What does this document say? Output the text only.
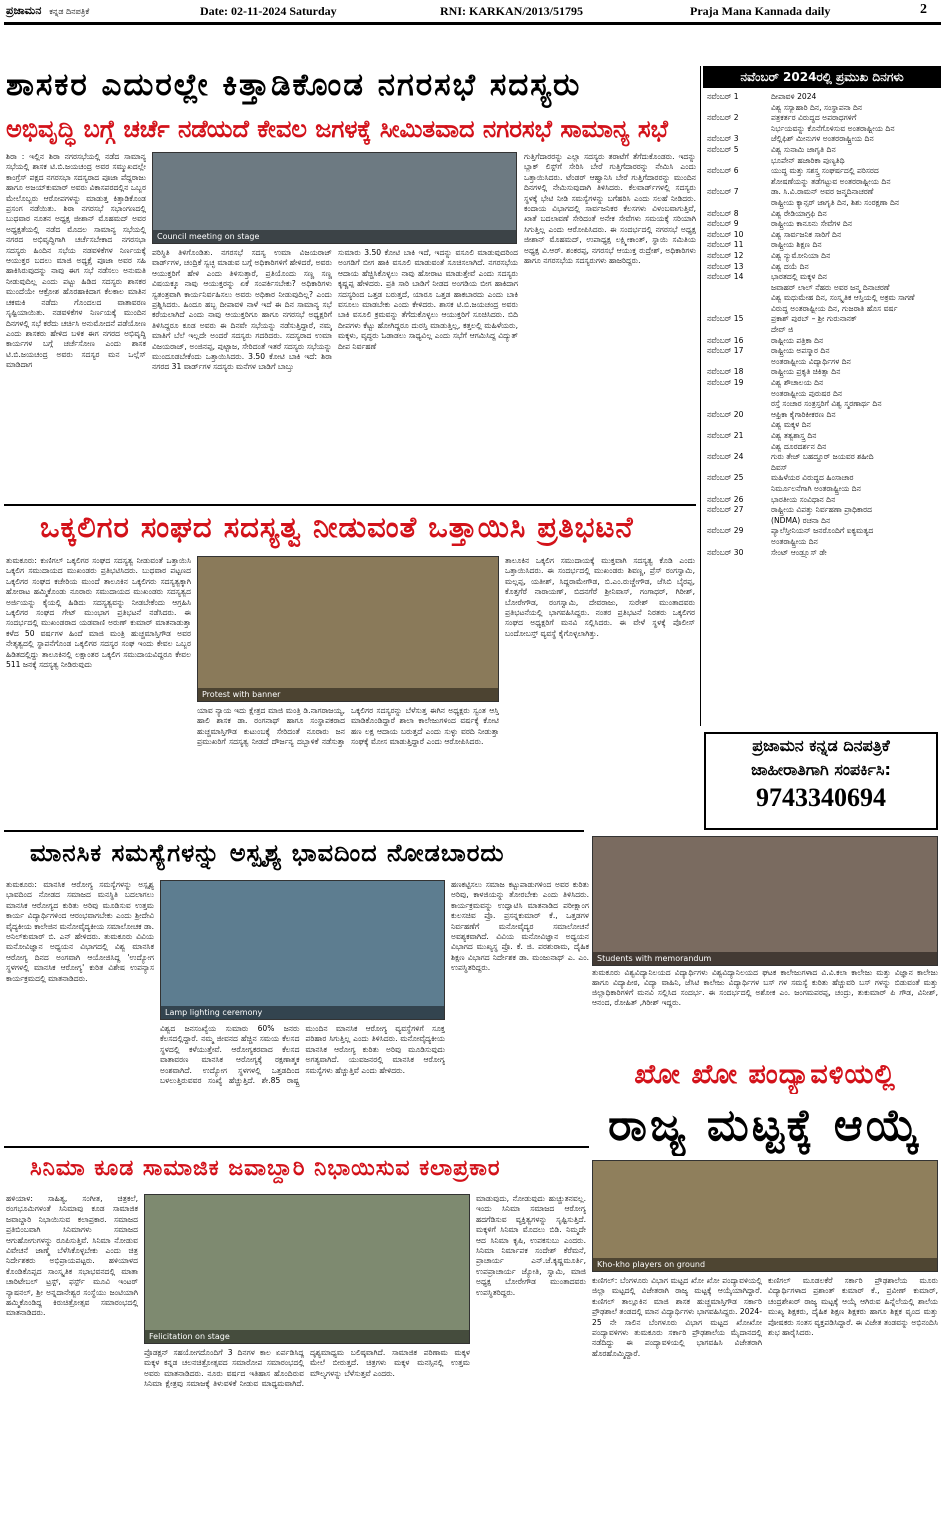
ಪ್ರಜಾಮನ ಕನ್ನಡ ದಿನಪತ್ರಿಕೆ	Date: 02-11-2024 Saturday	RNI: KARKAN/2013/51795	Praja Mana Kannada daily	2
ಶಾಸಕರ ಎದುರಲ್ಲೇ ಕಿತ್ತಾಡಿಕೊಂಡ ನಗರಸಭೆ ಸದಸ್ಯರು
ಅಭಿವೃದ್ಧಿ ಬಗ್ಗೆ ಚರ್ಚೆ ನಡೆಯದೆ ಕೇವಲ ಜಗಳಕ್ಕೆ ಸೀಮಿತವಾದ ನಗರಸಭೆ ಸಾಮಾನ್ಯ ಸಭೆ
ಶಿರಾ : ಇಲ್ಲಿನ ಶಿರಾ ನಗರಸಭೆಯಲ್ಲಿ ನಡೆದ ಸಾಮಾನ್ಯ ಸಭೆಯಲ್ಲಿ ಶಾಸಕ ಟಿ.ಬಿ.ಜಯಚಂದ್ರ ಅವರ ಸಮ್ಮುಖದಲ್ಲೇ ಕಾಂಗ್ರೆಸ್ ಪಕ್ಷದ ನಗರಸಭಾ ಸದಸ್ಯರಾದ ಪೂಜಾ ಪೆದ್ದರಾಜು ಹಾಗೂ ಅಜಯ್‌ಕುಮಾರ್ ಅವರು ವಿಕಾಸಪರದಲ್ಲಿನ ಒಬ್ಬರ ಮೇಲೊಬ್ಬರು ಆರೋಪಗಳನ್ನು ಮಾಡುತ್ತ ಕಿತ್ತಾಡಿಕೊಂಡ ಪ್ರಸಂಗ ನಡೆಯಿತು. ಶಿರಾ ನಗರಸಭೆ ಸಭಾಂಗಣದಲ್ಲಿ ಬುಧವಾರ ನೂತನ ಅಧ್ಯಕ್ಷ ಜೀಶಾನ್ ಮೊಹಮದ್ ಅವರ ಅಧ್ಯಕ್ಷತೆಯಲ್ಲಿ ನಡೆದ ಮೊದಲ ಸಾಮಾನ್ಯ ಸಭೆಯಲ್ಲಿ ನಗರದ ಅಭಿವೃದ್ಧಿಗಾಗಿ ಚರ್ಚೆಸಬೇಕಾದ ನಗರಸಭಾ ಸದಸ್ಯರು ಹಿಂದಿನ ಸಭೆಯ ನಡವಳಿಕೆಗಳ ನಿರ್ಣಯಕ್ಕೆ ಆಯುಕ್ತರ ಬದಲು ಮಾಜಿ ಅಧ್ಯಕ್ಷೆ ಪೂಜಾ ಅವರ ಸಹಿ ಹಾಕಿಸಿರುವುದನ್ನು ನಾವು ಈಗ ಸಭೆ ನಡೆಸಲು ಅನುಮತಿ ನೀಡುವುದಿಲ್ಲ ಎಂದು ಪಟ್ಟು ಹಿಡಿದ ಸದಸ್ಯರು ಶಾಸಕರ ಮುಂದೆಯೇ ಆಕ್ರೋಶ ಹೊರಹಾಕಿದಾಗ ಕೆಲಕಾಲ ಮಾತಿನ ಚಕಮಕಿ ನಡೆದು ಗೊಂದಲದ ವಾತಾವರಣ ಸೃಷ್ಟಿಯಾಯಿತು. ನಡವಳಿಕೆಗಳ ನಿರ್ಣಯಕ್ಕೆ ಮುಂದಿನ ದಿನಗಳಲ್ಲಿ ಸಭೆ ಕರೆದು ಚರ್ಚಿಸಿ ಅನುಮೋದನೆ ಪಡೆಯೋಣ ಎಂದು ಶಾಸಕರು ಹೇಳಿದ ಬಳಿಕ ಈಗ ನಗರದ ಅಭಿವೃದ್ಧಿ ಕಾರ್ಯಗಳ ಬಗ್ಗೆ ಚರ್ಚೆಸೋಣ ಎಂದು ಶಾಸಕ ಟಿ.ಬಿ.ಜಯಚಂದ್ರ ಅವರು ಸದಸ್ಯರ ಮನ ಒಲ್ಲೆಸ್ ಮಾಡಿದಾಗ
Council meeting on stage
ಪರಿಸ್ಥಿತಿ ತಿಳಿಗೊಂಡಿತು. ನಗರಸಭೆ ಸದಸ್ಯ ಉಮಾ ವಿಜಯರಾಜ್ ವಾರ್ಡ್‌ಗಳ, ಚಂದ್ರಿಕೆ ಸ್ವಚ್ಛ ಮಾಡುವ ಬಗ್ಗೆ ಅಧಿಕಾರಿಗಳಿಗೆ ಹೇಳಿದರೆ, ಅವರು ಆಯುಕ್ತರಿಗೆ ಹೇಳಿ ಎಂದು ತಿಳಿಸುತ್ತಾರೆ, ಪ್ರತಿಯೊಂದು ಸಣ್ಣ ಸಣ್ಣ ವಿಷಯಕ್ಕೂ ನಾವು ಆಯುಕ್ತರನ್ನು ಏಕೆ ಸಂಪರ್ಕಿಸಬೇಕು? ಅಧಿಕಾರಿಗಳು ಸ್ವತಂತ್ರವಾಗಿ ಕಾರ್ಯನಿರ್ವಹಿಸಲು ಅವರು ಅಧಿಕಾರ ನೀಡುವುದಿಲ್ಲ? ಎಂದು ಪ್ರಶ್ನಿಸಿದರು. ಹಿಂದೂ ಹಬ್ಬ ದೀಪಾವಳಿ ನಾಳೆ ಇದೆ ಈ ದಿನ ಸಾಮಾನ್ಯ ಸಭೆ ಕರೆಯಲಾಗಿದೆ ಎಂದು ನಾವು ಆಯುಕ್ತರಿಗೂ ಹಾಗೂ ನಗರಸಭೆ ಅಧ್ಯಕ್ಷರಿಗೆ ತಿಳಿಸಿದ್ದರೂ ಕೂಡ ಅವರು ಈ ದಿನವೇ ಸಭೆಯನ್ನು ನಡೆಸುತ್ತಿದ್ದಾರೆ, ನಮ್ಮ ಮಾತಿಗೆ ಬೆಲೆ ಇಲ್ಲದೇ ಅಂದರೆ ಸದಸ್ಯರು ಗದರಿದರು. ಸದಸ್ಯರಾದ ಉಮಾ ವಿಜಯರಾಜ್, ಅಂಜಿನಪ್ಪ, ಪುಟ್ಟಾಜ, ಸೇರಿದಂತೆ ಇತರೆ ಸದಸ್ಯರು ಸಭೆಯನ್ನು ಮುಂದೂಡಬೇಕೆಂದು ಒತ್ತಾಯಿಸಿದರು. 3.50 ಕೋಟಿ ಬಾಕಿ ಇದೆ: ಶಿರಾ ನಗರದ 31 ವಾರ್ಡ್‌ಗಳ ಸದಸ್ಯರು ಮನೆಗಳ ಬಾಡಿಗೆ ಬಾಬ್ತು
ಸುಮಾರು 3.50 ಕೋಟಿ ಬಾಕಿ ಇದೆ, ಇದನ್ನು ವಸೂಲಿ ಮಾಡುವುದರಿಂದ ಅಂಗಡಿಗೆ ಬೀಗ ಹಾಕಿ ವಸೂಲಿ ಮಾಡುವಂತೆ ಸೂಚಿಸಲಾಗಿದೆ. ನಗರಸಭೆಯ ಆದಾಯ ಹೆಚ್ಚಿಸಿಕೊಳ್ಳಲು ನಾವು ಹೋರಾಟ ಮಾಡುತ್ತೇವೆ ಎಂದು ಸದಸ್ಯರು ಕೃಷ್ಣಪ್ಪ ಹೇಳಿದರು. ಪ್ರತಿ ಸಾರಿ ಬಾಡಿಗೆ ನೀಡದ ಅಂಗಡಿಯ ಬೀಗ ಹಾಕಿದಾಗ ಸದಸ್ಯರಿಂದ ಒತ್ತಡ ಬರುತ್ತದೆ, ಯಾರೂ ಒತ್ತಡ ಹಾಕಬಾರದು ಎಂದು ಬಾಕಿ ವಸೂಲು ಮಾಡಬೇಕು ಎಂದು ಕೇಳಿದರು. ಶಾಸಕ ಟಿ.ಬಿ.ಜಯಚಂದ್ರ ಅವರು ಬಾಕಿ ವಸೂಲಿ ಕ್ರಮವನ್ನು ತೆಗೆದುಕೊಳ್ಳಲು ಆಯುಕ್ತರಿಗೆ ಸೂಚಿಸಿದರು. ಬಿದಿ ದೀಪಗಳು ಕೆಟ್ಟು ಹೋಗಿದ್ದರೂ ದುರಸ್ತಿ ಮಾಡುತ್ತಿಲ್ಲ, ಕತ್ತಲಲ್ಲಿ ಮಹಿಳೆಯರು, ಮಕ್ಕಳು, ವೃದ್ಧರು ಓಡಾಡಲು ಸಾಧ್ಯವಿಲ್ಲ ಎಂದು ಸಭೆಗೆ ಆಗಮಿಸಿದ್ದ ವಿದ್ಯುತ್ ದೀಪ ನಿರ್ವಹಣೆ
ಗುತ್ತಿಗೆದಾರರನ್ನು ಎಲ್ಲಾ ಸದಸ್ಯರು ತರಾಟೆಗೆ ತೆಗೆದುಕೊಂಡರು. ಇದನ್ನು ಬ್ಲಾಕ್ ಲಿಸ್ಟ್‌ಗೆ ಸೇರಿಸಿ ಬೇರೆ ಗುತ್ತಿಗೆದಾರರನ್ನು ನೇಮಿಸಿ ಎಂದು ಒತ್ತಾಯಿಸಿದರು. ಟೆಂಡರ್ ಆಹ್ವಾನಿಸಿ ಬೇರೆ ಗುತ್ತಿಗೆದಾರರನ್ನು ಮುಂದಿನ ದಿನಗಳಲ್ಲಿ ನೇಮಿಸುವುದಾಗಿ ತಿಳಿಸಿದರು. ಕೆಲವಾರ್ಡ್‌ಗಳಲ್ಲಿ ಸದಸ್ಯರು ಸ್ಥಳಕ್ಕೆ ಭೇಟಿ ನೀಡಿ ಸಮಸ್ಯೆಗಳನ್ನು ಬಗೆಹರಿಸಿ ಎಂದು ಸಲಹೆ ನೀಡಿದರು. ಕಂದಾಯ ವಿಭಾಗದಲ್ಲಿ ಸಾರ್ವಜನಿಕರ ಕೆಲಸಗಳು ವಿಳಂಬವಾಗುತ್ತಿವೆ, ಖಾತೆ ಬದಲಾವಣೆ ಸೇರಿದಂತೆ ಅನೇಕ ಸೇವೆಗಳು ಸಮಯಕ್ಕೆ ಸರಿಯಾಗಿ ಸಿಗುತ್ತಿಲ್ಲ ಎಂದು ಆರೋಪಿಸಿದರು. ಈ ಸಂದರ್ಭದಲ್ಲಿ ನಗರಸಭೆ ಅಧ್ಯಕ್ಷ ಜೀಶಾನ್ ಮೊಹಮದ್, ಉಪಾಧ್ಯಕ್ಷ ಲಕ್ಷ್ಮೀಕಾಂತ್, ಸ್ಥಾಯಿ ಸಮಿತಿಯ ಅಧ್ಯಕ್ಷ ವಿ.ಆರ್. ಶಂಕರಪ್ಪ, ನಗರಸಭೆ ಆಯುಕ್ತ ರುದ್ರೇಶ್, ಅಧಿಕಾರಿಗಳು ಹಾಗೂ ನಗರಸಭೆಯ ಸದಸ್ಯರುಗಳು ಹಾಜರಿದ್ದರು.
ಒಕ್ಕಲಿಗರ ಸಂಘದ ಸದಸ್ಯತ್ವ ನೀಡುವಂತೆ ಒತ್ತಾಯಿಸಿ ಪ್ರತಿಭಟನೆ
ತುಮಕೂರು: ಕುಣಿಗಲ್ ಒಕ್ಕಲಿಗರ ಸಂಘದ ಸದಸ್ಯತ್ವ ನೀಡುವಂತೆ ಒತ್ತಾಯಿಸಿ ಒಕ್ಕಲಿಗ ಸಮುದಾಯದ ಮುಖಂಡರು ಪ್ರತಿಭಟಿಸಿದರು. ಬುಧವಾರ ಪಟ್ಟಣದ ಒಕ್ಕಲಿಗರ ಸಂಘದ ಕಚೇರಿಯ ಮುಂದೆ ತಾಲೂಕಿನ ಒಕ್ಕಲಿಗರು ಸದಸ್ಯತ್ವಕ್ಕಾಗಿ ಹೋರಾಟ ಹಮ್ಮಿಕೊಂಡು ನೂರಾರು ಸಮುದಾಯದ ಮುಖಂಡರು ಸದಸ್ಯತ್ವದ ಅರ್ಜಿಯನ್ನು ಕೈಯಲ್ಲಿ ಹಿಡಿದು ಸದಸ್ಯತ್ವವನ್ನು ನೀಡಬೇಕೆಂದು ಆಗ್ರಹಿಸಿ ಒಕ್ಕಲಿಗರ ಸಂಘದ ಗೇಟ್ ಮುಂಭಾಗ ಪ್ರತಿಭಟನೆ ನಡೆಸಿದರು. ಈ ಸಂದರ್ಭದಲ್ಲಿ ಮುಖಂಡರಾದ ಯಡವಾಣಿ ಅರುಣ್ ಕುಮಾರ್ ಮಾತನಾಡುತ್ತಾ ಕಳೆದ 50 ವರ್ಷಗಳ ಹಿಂದೆ ಮಾಜಿ ಮಂತ್ರಿ ಹುಚ್ಚಮಾಸ್ತಿಗೌಡ ಅವರ ನೇತೃತ್ವದಲ್ಲಿ ಸ್ಥಾಪನೆಗೊಂಡ ಒಕ್ಕಲಿಗರ ಸದಸ್ಯರ ಸಂಘ ಇಂದು ಕೇವಲ ಒಬ್ಬರ ಹಿಡಿತದಲ್ಲಿದ್ದು ತಾಲೂಕಿನಲ್ಲಿ ಲಕ್ಷಾಂತರ ಒಕ್ಕಲಿಗ ಸಮುದಾಯವಿದ್ದರೂ ಕೇವಲ 511 ಜನಕ್ಕೆ ಸದಸ್ಯತ್ವ ನೀಡಿರುವುದು
Protest with banner
ಯಾವ ನ್ಯಾಯ ಇದು ಕ್ಷೇತ್ರದ ಮಾಜಿ ಮಂತ್ರಿ ಡಿ.ನಾಗರಾಜಯ್ಯ, ಹಾಲಿ ಶಾಸಕ ಡಾ. ರಂಗನಾಥ್ ಹಾಗೂ ಸಂಸ್ಥಾಪಕರಾದ ಹುಚ್ಚಮಾಸ್ತಿಗೌಡ ಕುಟುಂಬಕ್ಕೆ ಸೇರಿದಂತೆ ನೂರಾರು ಜನ ಪ್ರಮುಖರಿಗೆ ಸದಸ್ಯತ್ವ ನೀಡದೆ ದೌರ್ಜನ್ಯ ದಬ್ಬಾಳಿಕೆ ನಡೆಸುತ್ತಾ ಒಕ್ಕಲಿಗರ ಸದಸ್ಯರನ್ನು ಬೆಳೆಸುತ್ತ ಈಗಿನ ಅಧ್ಯಕ್ಷರು ಸ್ವಂತ ಆಸ್ತಿ ಮಾಡಿಕೊಂಡಿದ್ದಾರೆ ಶಾಲಾ ಕಾಲೇಜುಗಳಿಂದ ವರ್ಷಕ್ಕೆ ಕೋಟಿ ಹಣ ಲಕ್ಷ ಆದಾಯ ಬರುತ್ತದೆ ಎಂದು ಸುಳ್ಳು ವರದಿ ನೀಡುತ್ತಾ ಸಂಘಕ್ಕೆ ಮೋಸ ಮಾಡುತ್ತಿದ್ದಾರೆ ಎಂದು ಆರೋಪಿಸಿದರು.
ತಾಲೂಕಿನ ಒಕ್ಕಲಿಗ ಸಮುದಾಯಕ್ಕೆ ಮುಕ್ತವಾಗಿ ಸದಸ್ಯತ್ವ ಕೊಡಿ ಎಂದು ಒತ್ತಾಯಿಸಿದರು. ಈ ಸಂದರ್ಭದಲ್ಲಿ ಮುಖಂಡರು ಶಿವಣ್ಣ, ಪ್ರೆಸ್ ರಂಗಸ್ವಾಮಿ, ಮಲ್ಲಪ್ಪ, ಯತೀಶ್, ಸಿದ್ದರಾಮೇಗೌಡ, ಬಿ.ಎಂ.ರುಚ್ಚೇಗೌಡ, ಜೆಸಿಬಿ ಬೈರಪ್ಪ, ಕೊತ್ತಗೆರೆ ನಾರಾಯಣ್, ಬಿದನಗೆರೆ ಶ್ರೀನಿವಾಸ್, ಗಂಗಾಧರ್, ಗಿರೀಶ್, ಬೋರೇಗೌಡ, ರಂಗಸ್ವಾಮಿ, ದೇವರಾಜು, ಸುರೇಶ್ ಮುಂತಾದವರು ಪ್ರತಿಭಟನೆಯಲ್ಲಿ ಭಾಗವಹಿಸಿದ್ದರು. ನಂತರ ಪ್ರತಿಭಟನೆ ನಿರತರು ಒಕ್ಕಲಿಗರ ಸಂಘದ ಅಧ್ಯಕ್ಷರಿಗೆ ಮನವಿ ಸಲ್ಲಿಸಿದರು. ಈ ವೇಳೆ ಸ್ಥಳಕ್ಕೆ ಪೊಲೀಸ್ ಬಂದೋಬಸ್ತ್ ವ್ಯವಸ್ಥೆ ಕೈಗೊಳ್ಳಲಾಗಿತ್ತು.
ನವೆಂಬರ್ 2024ರಲ್ಲಿ ಪ್ರಮುಖ ದಿನಗಳು
ನವೆಂಬರ್ 1	ದೀಪಾವಳಿ 2024
ವಿಶ್ವ ಸಸ್ಯಾಹಾರಿ ದಿನ, ಸಂಸ್ಥಾಪನಾ ದಿನ
ನವೆಂಬರ್ 2	ಪತ್ರಕರ್ತರ ವಿರುದ್ಧದ ಅಪರಾಧಗಳಿಗೆ
ನಿರ್ಭಯವನ್ನು ಕೊನೆಗೊಳಿಸುವ ಅಂತರಾಷ್ಟ್ರೀಯ ದಿನ
ನವೆಂಬರ್ 3	ಜೆಲ್ಲಿಫಿಶ್ ಮೀನುಗಳ ಅಂತರರಾಷ್ಟ್ರೀಯ ದಿನ
ನವೆಂಬರ್ 5	ವಿಶ್ವ ಸುನಾಮಿ ಜಾಗೃತಿ ದಿನ
ಭೂಪೇನ್ ಹಜಾರಿಕಾ ಪುಣ್ಯತಿಥಿ
ನವೆಂಬರ್ 6	ಯುದ್ಧ ಮತ್ತು ಸಶಸ್ತ್ರ ಸಂಘರ್ಷದಲ್ಲಿ ಪರಿಸರದ
ಶೋಷಣೆಯನ್ನು ತಡೆಗಟ್ಟುವ ಅಂತರರಾಷ್ಟ್ರೀಯ ದಿನ
ನವೆಂಬರ್ 7	ಡಾ. ಸಿ.ವಿ.ರಾಮನ್ ಅವರ ಜನ್ಮದಿನಾಚರಣೆ
ರಾಷ್ಟ್ರೀಯ ಕ್ಯಾನ್ಸರ್ ಜಾಗೃತಿ ದಿನ, ಶಿಶು ಸಂರಕ್ಷಣಾ ದಿನ
ನವೆಂಬರ್ 8	ವಿಶ್ವ ರೇಡಿಯಾಗ್ರಫಿ ದಿನ
ನವೆಂಬರ್ 9	ರಾಷ್ಟ್ರೀಯ ಕಾನೂನು ಸೇವೆಗಳ ದಿನ
ನವೆಂಬರ್ 10	ವಿಶ್ವ ಸಾರ್ವಜನಿಕ ಸಾರಿಗೆ ದಿನ
ನವೆಂಬರ್ 11	ರಾಷ್ಟ್ರೀಯ ಶಿಕ್ಷಣ ದಿನ
ನವೆಂಬರ್ 12	ವಿಶ್ವ ನ್ಯುಮೋನಿಯಾ ದಿನ
ನವೆಂಬರ್ 13	ವಿಶ್ವ ದಯೆ ದಿನ
ನವೆಂಬರ್ 14	ಭಾರತದಲ್ಲಿ ಮಕ್ಕಳ ದಿನ
ಜವಾಹರ್ ಲಾಲ್ ನೆಹರು ಅವರ ಜನ್ಮ ದಿನಾಚರಣೆ
ವಿಶ್ವ ಮಧುಮೇಹ ದಿನ, ಸಂಸ್ಕೃತಿಕ ಆಸ್ತಿಯಲ್ಲಿ ಅಕ್ರಮ ಸಾಗಣೆ
ವಿರುದ್ಧ ಅಂತರಾಷ್ಟ್ರೀಯ ದಿನ, ಗುಜರಾತಿ ಹೊಸ ವರ್ಷ
ನವೆಂಬರ್ 15	ಪ್ರಕಾಶ್ ಪುರಬ್ – ಶ್ರೀ ಗುರುನಾನಕ್
ದೇವ್ ಜಿ
ನವೆಂಬರ್ 16	ರಾಷ್ಟ್ರೀಯ ಪತ್ರಿಕಾ ದಿನ
ನವೆಂಬರ್ 17	ರಾಷ್ಟ್ರೀಯ ಅಪಸ್ಮಾರ ದಿನ
ಅಂತರಾಷ್ಟ್ರೀಯ ವಿದ್ಯಾರ್ಥಿಗಳ ದಿನ
ನವೆಂಬರ್ 18	ರಾಷ್ಟ್ರೀಯ ಪ್ರಕೃತಿ ಚಿಕಿತ್ಸಾ ದಿನ
ನವೆಂಬರ್ 19	ವಿಶ್ವ ಶೌಚಾಲಯ ದಿನ
ಅಂತರಾಷ್ಟ್ರೀಯ ಪುರುಷರ ದಿನ
ರಸ್ತೆ ಸಂಚಾರ ಸಂತ್ರಸ್ತರಿಗೆ ವಿಶ್ವ ಸ್ಮರಣಾರ್ಥ ದಿನ
ನವೆಂಬರ್ 20	ಆಫ್ರಿಕಾ ಕೈಗಾರಿಕೀಕರಣ ದಿನ
ವಿಶ್ವ ಮಕ್ಕಳ ದಿನ
ನವೆಂಬರ್ 21	ವಿಶ್ವ ತತ್ವಶಾಸ್ತ್ರ ದಿನ
ವಿಶ್ವ ದೂರದರ್ಶನ ದಿನ
ನವೆಂಬರ್ 24	ಗುರು ತೇಜ್ ಬಹದ್ದೂರ್ ಜಯವರ ಶಹೀದಿ
ದಿವಸ್
ನವೆಂಬರ್ 25	ಮಹಿಳೆಯರ ವಿರುದ್ಧದ ಹಿಂಸಾಚಾರ
ನಿರ್ಮೂಲನೆಗಾಗಿ ಅಂತರಾಷ್ಟ್ರೀಯ ದಿನ
ನವೆಂಬರ್ 26	ಭಾರತೀಯ ಸಂವಿಧಾನ ದಿನ
ನವೆಂಬರ್ 27	ರಾಷ್ಟ್ರೀಯ ವಿಪತ್ತು ನಿರ್ವಹಣಾ ಪ್ರಾಧಿಕಾರದ
(NDMA) ರಚನಾ ದಿನ
ನವೆಂಬರ್ 29	ಪ್ಯಾಲೆಸ್ತೀನಿಯನ್ ಜನರೊಂದಿಗೆ ಐಕ್ಯಮತ್ಯದ
ಅಂತರಾಷ್ಟ್ರೀಯ ದಿನ
ನವೆಂಬರ್ 30	ಸೇಂಟ್ ಆಂಡ್ರ್ಯೂಸ್ ಡೇ
ಪ್ರಜಾಮನ ಕನ್ನಡ ದಿನಪತ್ರಿಕೆ
ಜಾಹೀರಾತಿಗಾಗಿ ಸಂಪರ್ಕಿಸಿ:
9743340694
ಮಾನಸಿಕ ಸಮಸ್ಯೆಗಳನ್ನು ಅಸ್ಪೃಶ್ಯ ಭಾವದಿಂದ ನೋಡಬಾರದು
ತುಮಕೂರು: ಮಾನಸಿಕ ಆರೋಗ್ಯ ಸಮಸ್ಯೆಗಳನ್ನು ಅಸ್ಪೃಶ್ಯ ಭಾವದಿಂದ ನೋಡದ ಸಮಾಜದ ಮನಸ್ಥಿತಿ ಬದಲಾಗಲು ಮಾನಸಿಕ ಆರೋಗ್ಯದ ಕುರಿತು ಅರಿವು ಮೂಡಿಸುವ ಉತ್ತಮ ಕಾರ್ಯ ವಿದ್ಯಾರ್ಥಿಗಳಿಂದ ಆರಂಭವಾಗಬೇಕು ಎಂದು ಶ್ರೀದೇವಿ ವೈದ್ಯಕೀಯ ಕಾಲೇಜಿನ ಮನೋವೈದ್ಯಕೀಯ ಸಮಾಲೋಚಕ ಡಾ. ಅನಿಲ್‌ಕುಮಾರ್ ಬಿ. ಎನ್ ಹೇಳಿದರು. ತುಮಕೂರು ವಿವಿಯ ಮನೋವಿಜ್ಞಾನ ಅಧ್ಯಯನ ವಿಭಾಗದಲ್ಲಿ ವಿಶ್ವ ಮಾನಸಿಕ ಆರೋಗ್ಯ ದಿನದ ಅಂಗವಾಗಿ ಆಯೋಜಿಸಿದ್ದ 'ಉದ್ಯೋಗ ಸ್ಥಳಗಳಲ್ಲಿ ಮಾನಸಿಕ ಆರೋಗ್ಯ' ಕುರಿತ ವಿಶೇಷ ಉಪನ್ಯಾಸ ಕಾರ್ಯಕ್ರಮದಲ್ಲಿ ಮಾತನಾಡಿದರು.
Lamp lighting ceremony
ವಿಶ್ವದ ಜನಸಂಖ್ಯೆಯ ಸುಮಾರು 60% ಜನರು ಕೆಲಸದಲ್ಲಿದ್ದಾರೆ. ನಮ್ಮ ಜೀವನದ ಹೆಚ್ಚಿನ ಸಮಯ ಕೆಲಸದ ಸ್ಥಳದಲ್ಲಿ ಕಳೆಯುತ್ತೇವೆ. ಆರೋಗ್ಯಕರವಾದ ಕೆಲಸದ ವಾತಾವರಣ ಮಾನಸಿಕ ಆರೋಗ್ಯಕ್ಕೆ ರಕ್ಷಣಾತ್ಮಕ ಅಂಶವಾಗಿದೆ. ಉದ್ಯೋಗ ಸ್ಥಳಗಳಲ್ಲಿ ಒತ್ತಡದಿಂದ ಬಳಲುತ್ತಿರುವವರ ಸಂಖ್ಯೆ ಹೆಚ್ಚುತ್ತಿದೆ. ಶೇ.85 ರಾಷ್ಟ್ರ ಮುಂದಿನ ಮಾನಸಿಕ ಆರೋಗ್ಯ ವ್ಯವಸ್ಥೆಗಳಿಗೆ ಸೂಕ್ತ ಪರಿಹಾರ ಸಿಗುತ್ತಿಲ್ಲ ಎಂದು ತಿಳಿಸಿದರು. ಮನೋವೈದ್ಯಕೀಯ ಮಾನಸಿಕ ಆರೋಗ್ಯ ಕುರಿತು ಅರಿವು ಮೂಡಿಸುವುದು ಅಗತ್ಯವಾಗಿದೆ. ಯುವಜನರಲ್ಲಿ ಮಾನಸಿಕ ಆರೋಗ್ಯ ಸಮಸ್ಯೆಗಳು ಹೆಚ್ಚುತ್ತಿವೆ ಎಂದು ಹೇಳಿದರು.
ಹಣಕಟ್ಟಿಸಲು ಸಮಾಜ ಕಟ್ಟುಪಾಡುಗಳಿಂದ ಅವರ ಕುರಿತು ಅರಿವು, ಕಾಳಜಿಯನ್ನು ತೋರಬೇಕು ಎಂದು ತಿಳಿಸಿದರು. ಕಾರ್ಯಕ್ರಮವನ್ನು ಉದ್ಘಾಟಿಸಿ ಮಾತನಾಡಿದ ಪರೀಕ್ಷಾಂಗ ಕುಲಸಚಿವ ಪ್ರೊ. ಪ್ರಸನ್ನಕುಮಾರ್ ಕೆ., ಒತ್ತಡಗಳ ನಿರ್ವಹಣೆಗೆ ಮನೋವೈದ್ಯರ ಸಮಾಲೋಚನೆ ಅವಶ್ಯಕವಾಗಿದೆ. ವಿವಿಯ ಮನೋವಿಜ್ಞಾನ ಅಧ್ಯಯನ ವಿಭಾಗದ ಮುಖ್ಯಸ್ಥ ಪ್ರೊ. ಕೆ. ಜಿ. ಪರಶುರಾಮ, ದೈಹಿಕ ಶಿಕ್ಷಣ ವಿಭಾಗದ ನಿರ್ದೇಶಕ ಡಾ. ಮಂಜುನಾಥ್ ಎ. ಎಂ. ಉಪಸ್ಥಿತರಿದ್ದರು.
Students with memorandum
ತುಮಕೂರು ವಿಶ್ವವಿದ್ಯಾನಿಲಯದ ವಿದ್ಯಾರ್ಥಿಗಳು ವಿಶ್ವವಿದ್ಯಾನಿಲಯದ ಘಟಕ ಕಾಲೇಜುಗಳಾದ ವಿ.ವಿ.ಕಲಾ ಕಾಲೇಜು ಮತ್ತು ವಿಜ್ಞಾನ ಕಾಲೇಜು ಹಾಗೂ ವಿದ್ಯಾಪೀಠ, ವಿದ್ಯಾ ವಾಹಿನಿ, ಜೆಸಿಟಿ ಕಾಲೇಜು ವಿದ್ಯಾರ್ಥಿಗಳ ಬಸ್ ಗಳ ಸಮಸ್ಯೆ ಕುರಿತು ಹೆಚ್ಚುವರಿ ಬಸ್ ಗಳನ್ನು ಬಿಡುವಂತೆ ಮತ್ತು ಜಿಲ್ಲಾಧಿಕಾರಿಗಳಿಗೆ ಮನವಿ ಸಲ್ಲಿಸಿದ ಸಂದರ್ಭ. ಈ ಸಂದರ್ಭದಲ್ಲಿ ಅಶೋಕ ಎಂ. ಜಂಗಮಪರಪ್ಪ, ಚಂದ್ರು, ತುಕುಮಾರ್ ಪಿ ಗೌಡ, ವಿನೀಶ್, ಆನಂದ, ರೋಹಿತ್ ,ಗಿರೀಶ್ ಇದ್ದರು.
ಖೋ ಖೋ ಪಂದ್ಯಾವಳಿಯಲ್ಲಿ
ರಾಜ್ಯ ಮಟ್ಟಕ್ಕೆ ಆಯ್ಕೆ
ಸಿನಿಮಾ ಕೂಡ ಸಾಮಾಜಿಕ ಜವಾಬ್ದಾರಿ ನಿಭಾಯಿಸುವ ಕಲಾಪ್ರಕಾರ
ಹಳಿಯಾಳ: ಸಾಹಿತ್ಯ, ಸಂಗೀತ, ಚಿತ್ರಕಲೆ, ರಂಗಭೂಮಿಗಳಂತೆ ಸಿನಿಮಾವು ಕೂಡ ಸಾಮಾಜಿಕ ಜವಾಬ್ದಾರಿ ನಿಭಾಯಿಸುವ ಕಲಾಪ್ರಕಾರ. ಸಮಾಜದ ಪ್ರತಿಬಿಂಬವಾಗಿ ಸಿನಿಮಾಗಳು ಸಮಾಜದ ಆಗುಹೋಗುಗಳನ್ನು ರೂಪಿಸುತ್ತಿವೆ. ಸಿನಿಮಾ ನೋಡುವ ವಿವೇಚನೆ ಜಾಣ್ಮೆ ಬೆಳೆಸಿಕೊಳ್ಳಬೇಕು ಎಂದು ಚಿತ್ರ ನಿರ್ದೇಶಕರು ಅಭಿಪ್ರಾಯಪಟ್ಟರು. ಹಳಿಯಾಳದ ಕೊಂಡಿಕೊಪ್ಪದ ಸಾಂಸ್ಕೃತಿಕ ಸಭಾಭವನದಲ್ಲಿ ಮಾತಾ ಚಾರಿಟೇಬಲ್ ಟ್ರಸ್ಟ್, ಫರ್ಸ್ಟ್ ಮೂವಿ ಇಂಟರ್ ನ್ಯಾಷನಲ್, ಶ್ರೀ ಅನ್ನದಾನೇಶ್ವರ ಸಂಸ್ಥೆಯು ಜಂಟಿಯಾಗಿ ಹಮ್ಮಿಕೊಂಡಿದ್ದ ಕಿರುಚಿತ್ರೋತ್ಸವ ಸಮಾರಂಭದಲ್ಲಿ ಮಾತನಾಡಿದರು.
Felicitation on stage
ಪ್ರೊಡಕ್ಷನ್ ಸಹಯೋಗದೊಂದಿಗೆ 3 ದಿನಗಳ ಕಾಲ ಏರ್ಪಡಿಸಿದ್ದ ಮಕ್ಕಳ ಕನ್ನಡ ಚಲನಚಿತ್ರೋತ್ಸವದ ಸಮಾರೋಪ ಸಮಾರಂಭದಲ್ಲಿ ಅವರು ಮಾತನಾಡಿದರು. ನೂರು ವರ್ಷದ ಇತಿಹಾಸ ಹೊಂದಿರುವ ಸಿನಿಮಾ ಕ್ಷೇತ್ರವು ಸಮಾಜಕ್ಕೆ ತಿಳುವಳಿಕೆ ನೀಡುವ ಮಾಧ್ಯಮವಾಗಿದೆ. ದೃಶ್ಯಮಾಧ್ಯಮ ಬಲಿಷ್ಠವಾಗಿದೆ. ಸಾಮಾಜಿಕ ಪರಿಣಾಮ ಮಕ್ಕಳ ಮೇಲೆ ಬೀರುತ್ತದೆ. ಚಿತ್ರಗಳು ಮಕ್ಕಳ ಮನಸ್ಸಿನಲ್ಲಿ ಉತ್ತಮ ಮೌಲ್ಯಗಳನ್ನು ಬೆಳೆಸುತ್ತವೆ ಎಂದರು.
ಮಾಡುವುದು, ನೋಡುವುದು ಹುಚ್ಚುತನವಲ್ಲ. ಇಂದು ಸಿನಿಮಾ ಸಮಾಜದ ಆರೋಗ್ಯ ಹದಗೆಡಿಸುವ ವ್ಯಕ್ತಿತ್ವಗಳನ್ನು ಸೃಷ್ಟಿಸುತ್ತಿದೆ. ಮಕ್ಕಳಿಗೆ ಸಿನಿಮಾ ಮೊದಲು ಬಿಡಿ. ನಿಮ್ಮದೇ ಆದ ಸಿನಿಮಾ ಕೃಷಿ, ಉಪಕಸುಬು ಎಂದರು. ಸಿನಿಮಾ ನಿರ್ಮಾಪಕ ಸಂದೇಶ್ ಕೆರೆಮನೆ, ಪ್ರಾಚಾರ್ಯ ಎನ್.ಜೆ.ಕೃಷ್ಣಮೂರ್ತಿ, ಉಪಪ್ರಾಚಾರ್ಯ ಜ್ಯೋತಿ, ಸ್ವಾಮಿ, ಮಾಜಿ ಅಧ್ಯಕ್ಷ ಬೋರೇಗೌಡ ಮುಂತಾದವರು ಉಪಸ್ಥಿತರಿದ್ದರು.
Kho-kho players on ground
ಕುಣಿಗಲ್: ಬೆಂಗಳೂರು ವಿಭಾಗ ಮಟ್ಟದ ಖೋ ಖೋ ಪಂದ್ಯಾವಳಿಯಲ್ಲಿ ಜಿಲ್ಲಾ ಮಟ್ಟದಲ್ಲಿ ವಿಜೇತರಾಗಿ ರಾಜ್ಯ ಮಟ್ಟಕ್ಕೆ ಆಯ್ಕೆಯಾಗಿದ್ದಾರೆ. ಕುಣಿಗಲ್ ತಾಲ್ಲೂಕಿನ ಮಾಜಿ ಶಾಸಕ ಹುಚ್ಚಮಾಸ್ತಿಗೌಡ ಸರ್ಕಾರಿ ಪ್ರೌಢಶಾಲೆ ತಂಡದಲ್ಲಿ ಮಾನ ವಿದ್ಯಾರ್ಥಿಗಳು ಭಾಗವಹಿಸಿದ್ದರು. 2024-25 ನೇ ಸಾಲಿನ ಬೆಂಗಳೂರು ವಿಭಾಗ ಮಟ್ಟದ ಖೋಖೋ ಪಂದ್ಯಾವಳಿಗಳು ತುಮಕೂರು ಸರ್ಕಾರಿ ಪ್ರೌಢಶಾಲೆಯ ಮೈದಾನದಲ್ಲಿ ನಡೆದಿದ್ದು ಈ ಪಂದ್ಯಾವಳಿಯಲ್ಲಿ ಭಾಗವಹಿಸಿ ವಿಜೇತರಾಗಿ ಹೊರಹೊಮ್ಮಿದ್ದಾರೆ.
ಕುಣಿಗಲ್ ಮೂಡಲಕೆರೆ ಸರ್ಕಾರಿ ಪ್ರೌಢಶಾಲೆಯ ಮೂರು ವಿದ್ಯಾರ್ಥಿಗಳಾದ ಪ್ರಶಾಂತ್ ಕುಮಾರ್ ಕೆ., ಪ್ರವೀಣ್ ಕುಮಾರ್, ಚಂದ್ರಶೇಖರ್ ರಾಜ್ಯ ಮಟ್ಟಕ್ಕೆ ಆಯ್ಕೆ ಆಗಿರುವ ಹಿನ್ನೆಲೆಯಲ್ಲಿ ಶಾಲೆಯ ಮುಖ್ಯ ಶಿಕ್ಷಕರು, ದೈಹಿಕ ಶಿಕ್ಷಣ ಶಿಕ್ಷಕರು ಹಾಗೂ ಶಿಕ್ಷಕ ವೃಂದ ಮತ್ತು ಪೋಷಕರು ಸಂತಸ ವ್ಯಕ್ತಪಡಿಸಿದ್ದಾರೆ. ಈ ವಿಜೇತ ತಂಡವನ್ನು ಅಭಿನಂದಿಸಿ ಶುಭ ಹಾರೈಸಿದರು.
